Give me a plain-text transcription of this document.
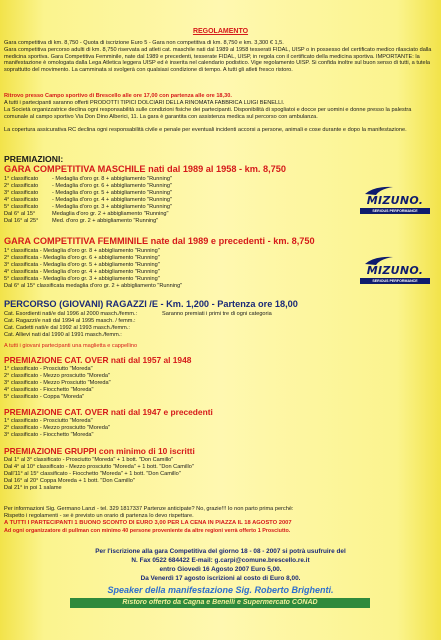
REGOLAMENTO
Gara competitiva di km. 8,750 - Quota di iscrizione Euro 5 - Gara non competitiva di km. 8,750 e km. 3,300 € 1,5.
Gara competitiva percorso adulti di km. 8,750 riservata ad atleti cat. maschile nati dal 1989 al 1958 tesserati FIDAL, UISP o in possesso del certificato medico rilasciato dalla medicina sportiva. Gara Competitiva Femminile, nate dal 1989 e precedenti, tesserate FIDAL, UISP, in regola con il certificato della medicina sportiva. IMPORTANTE: la manifestazione è omologata dalla Lega Atletica leggera UISP ed è inserita nel calendario podistico. Vige regolamento UISP. Si confida inoltre sul buon senso di tutti, a tutela soprattutto del movimento. La camminata si svolgerà con qualsiasi condizione di tempo. A tutti gli atleti fresco ristoro.
Ritrovo presso Campo sportivo di Brescello alle ore 17,00 con partenza alle ore 18,30.
A tutti i partecipanti saranno offerti PRODOTTI TIPICI DOLCIARI DELLA RINOMATA FABBRICA LUIGI BENELLI.
La Società organizzatrice declina ogni responsabilità sulle condizioni fisiche dei partecipanti. Disponibilità di spogliatoi e docce per uomini e donne presso la palestra comunale al campo sportivo Via Don Dino Alberici, 11. La gara è garantita con assistenza medica sul percorso con ambulanza.
La copertura assicurativa RC declina ogni responsabilità civile e penale per eventuali incidenti accorsi a persone, animali e cose durante e dopo la manifestazione.
PREMIAZIONI:
GARA COMPETITIVA MASCHILE nati dal 1989 al 1958 - km. 8,750
1° classificato - Medaglia d'oro gr. 8 + abbigliamento "Running"
2° classificato - Medaglia d'oro gr. 6 + abbigliamento "Running"
3° classificato - Medaglia d'oro gr. 5 + abbigliamento "Running"
4° classificato - Medaglia d'oro gr. 4 + abbigliamento "Running"
5° classificato - Medaglia d'oro gr. 3 + abbigliamento "Running"
Dal 6° al 15°	Medaglia d'oro gr. 2 + abbigliamento "Running"
Dal 16° al 25° Med. d'oro gr. 2 + abbigliamento "Running"
MIZUNO.
SERIOUS PERFORMANCE
GARA COMPETITIVA FEMMINILE nate dal 1989 e precedenti - km. 8,750
1° classificata - Medaglia d'oro gr. 8 + abbigliamento "Running"
2° classificata - Medaglia d'oro gr. 6 + abbigliamento "Running"
3° classificata - Medaglia d'oro gr. 5 + abbigliamento "Running"
4° classificata - Medaglia d'oro gr. 4 + abbigliamento "Running"
5° classificata - Medaglia d'oro gr. 3 + abbigliamento "Running"
Dal 6° al 15° classificata medaglia d'oro gr. 2 + abbigliamento "Running"
MIZUNO.
SERIOUS PERFORMANCE
PERCORSO (GIOVANI) RAGAZZI /E - Km. 1,200 - Partenza ore 18,00
Cat. Esordienti nati/e dal 1996 al 2000 masch./femm.:
Cat. Ragazzi/e nati dal 1994 al 1995 masch. / femm.:
Cat. Cadetti nati/e dal 1992 al 1993 masch./femm.:
Cat. Allievi nati dal 1990 al 1991 masch./femm.:
Saranno premiati i primi tre di ogni categoria
A tutti i giovani partecipanti una maglietta e cappellino
PREMIAZIONE CAT. OVER nati dal 1957 al 1948
1° classificato - Prosciutto "Moreda"
2° classificato - Mezzo prosciutto "Moreda"
3° classificato - Mezzo Prosciutto "Moreda"
4° classificato - Fiocchetto "Moreda"
5° classificato - Coppa "Moreda"
PREMIAZIONE CAT. OVER nati dal 1947 e precedenti
1° classificato - Prosciutto "Moreda"
2° classificato - Mezzo prosciutto "Moreda"
3° classificato - Fiocchetto "Moreda"
PREMIAZIONE GRUPPI con minimo di 10 iscritti
Dal 1° al 3° classificato - Prosciutto "Moreda" + 1 bott. "Don Camillo"
Dal 4° al 10° classificato - Mezzo prosciutto "Moreda" + 1 bott. "Don Camillo"
Dall'11° al 15° classificato - Fiocchetto "Moreda" + 1 bott. "Don Camillo"
Dal 16° al 20° Coppa Moreda + 1 bott. "Don Camillo"
Dal 21° in poi 1 salame
Per informazioni Sig. Germano Lanzi - tel. 329 1817337 Partenze anticipate? No, grazie!!! Io non parto prima perchè:
Rispetto i regolamenti - se è previsto un orario di partenza lo devo rispettare.
A TUTTI I PARTECIPANTI 1 BUONO SCONTO DI EURO 3,00 PER LA CENA IN PIAZZA IL 18 AGOSTO 2007
Ad ogni organizzatore di pullman con minimo 40 persone proveniente da altre regioni verrà offerto 1 Prosciutto.
Per l'iscrizione alla gara Competitiva del giorno 18 - 08 - 2007 si potrà usufruire del
N. Fax 0522 684422 E-mail: g.carpi@comune.brescello.re.it
entro Giovedì 16 Agosto 2007 Euro 5,00.
Da Venerdì 17 agosto iscrizioni al costo di Euro 8,00.
Speaker della manifestazione Sig. Roberto Brighenti.
Ristoro offerto da Cagna e Benelli e Supermercato CONAD
